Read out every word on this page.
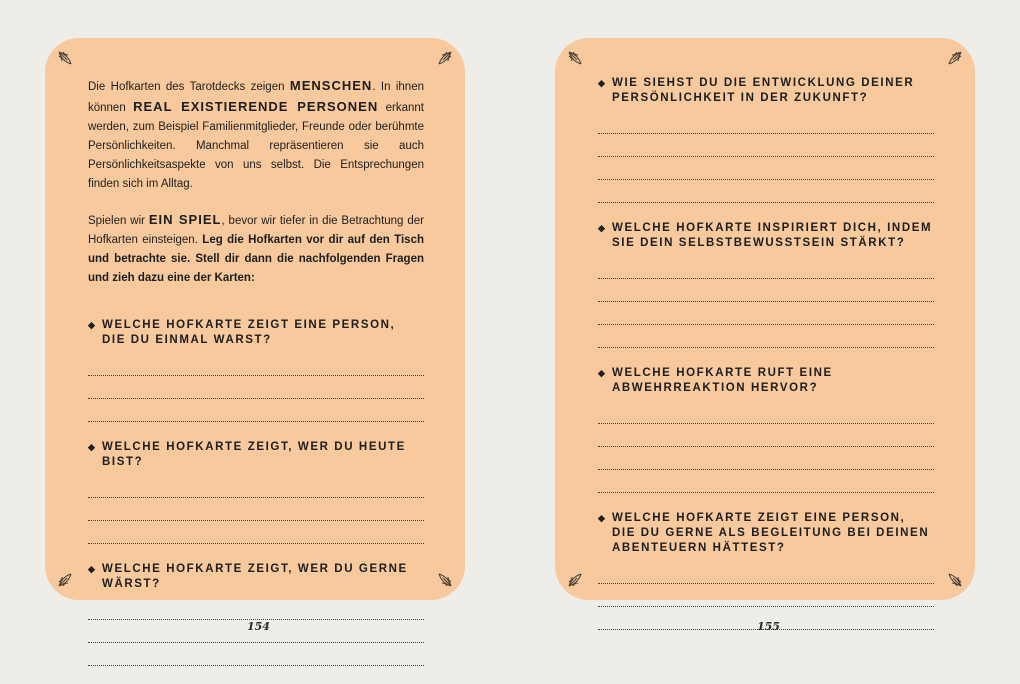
Die Hofkarten des Tarotdecks zeigen MENSCHEN. In ihnen können REAL EXISTIERENDE PERSONEN erkannt werden, zum Beispiel Familienmitglieder, Freunde oder berühmte Persönlichkeiten. Manchmal repräsentieren sie auch Persönlichkeitsaspekte von uns selbst. Die Entsprechungen finden sich im Alltag.

Spielen wir EIN SPIEL, bevor wir tiefer in die Betrachtung der Hofkarten einsteigen. Leg die Hofkarten vor dir auf den Tisch und betrachte sie. Stell dir dann die nachfolgenden Fragen und zieh dazu eine der Karten:

◆ WELCHE HOFKARTE ZEIGT EINE PERSON, DIE DU EINMAL WARST?
◆ WELCHE HOFKARTE ZEIGT, WER DU HEUTE BIST?
◆ WELCHE HOFKARTE ZEIGT, WER DU GERNE WÄRST?
◆ WIE SIEHST DU DIE ENTWICKLUNG DEINER PERSÖNLICHKEIT IN DER ZUKUNFT?
◆ WELCHE HOFKARTE INSPIRIERT DICH, INDEM SIE DEIN SELBSTBEWUSSTSEIN STÄRKT?
◆ WELCHE HOFKARTE RUFT EINE ABWEHRREAKTION HERVOR?
◆ WELCHE HOFKARTE ZEIGT EINE PERSON, DIE DU GERNE ALS BEGLEITUNG BEI DEINEN ABENTEUERN HÄTTEST?
154	155
